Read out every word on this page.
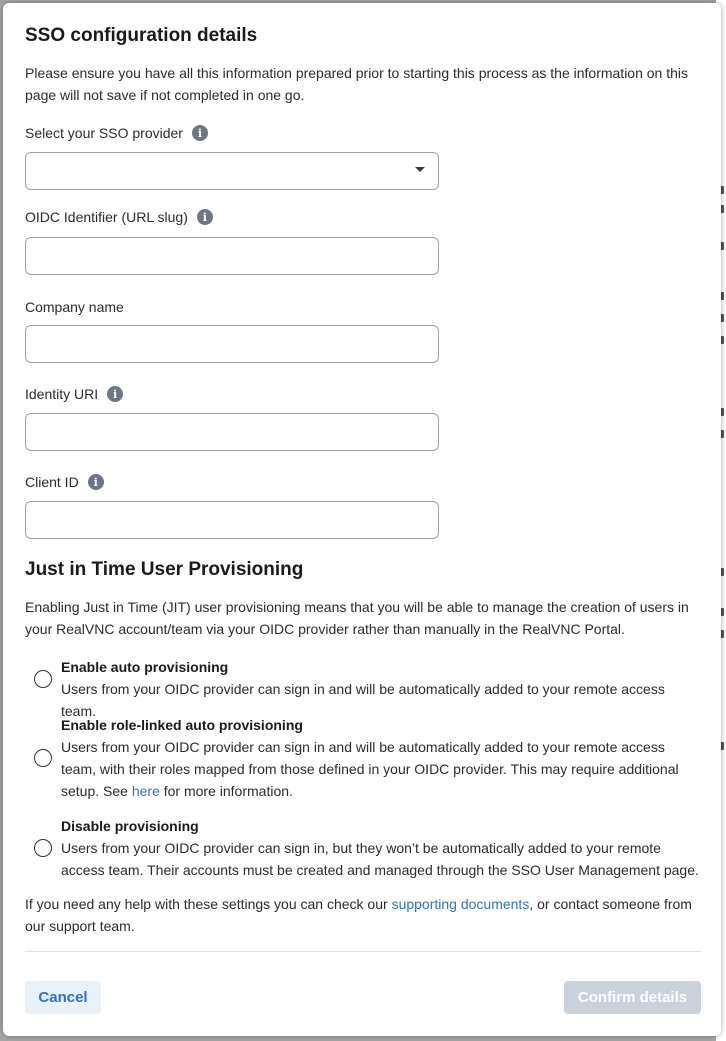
SSO configuration details

Please ensure you have all this information prepared prior to starting this process as the information on this page will not save if not completed in one go.

Select your SSO provider	i
OIDC Identifier (URL slug)	i
Company name
Identity URI	i
Client ID	i
Just in Time User Provisioning

Enabling Just in Time (JIT) user provisioning means that you will be able to manage the creation of users in your RealVNC account/team via your OIDC provider rather than manually in the RealVNC Portal.

Enable auto provisioning
Users from your OIDC provider can sign in and will be automatically added to your remote access team.
Enable role-linked auto provisioning
Users from your OIDC provider can sign in and will be automatically added to your remote access team, with their roles mapped from those defined in your OIDC provider. This may require additional setup. See here for more information.
Disable provisioning
Users from your OIDC provider can sign in, but they won’t be automatically added to your remote access team. Their accounts must be created and managed through the SSO User Management page.

If you need any help with these settings you can check our supporting documents, or contact someone from our support team.

Cancel	Confirm details
